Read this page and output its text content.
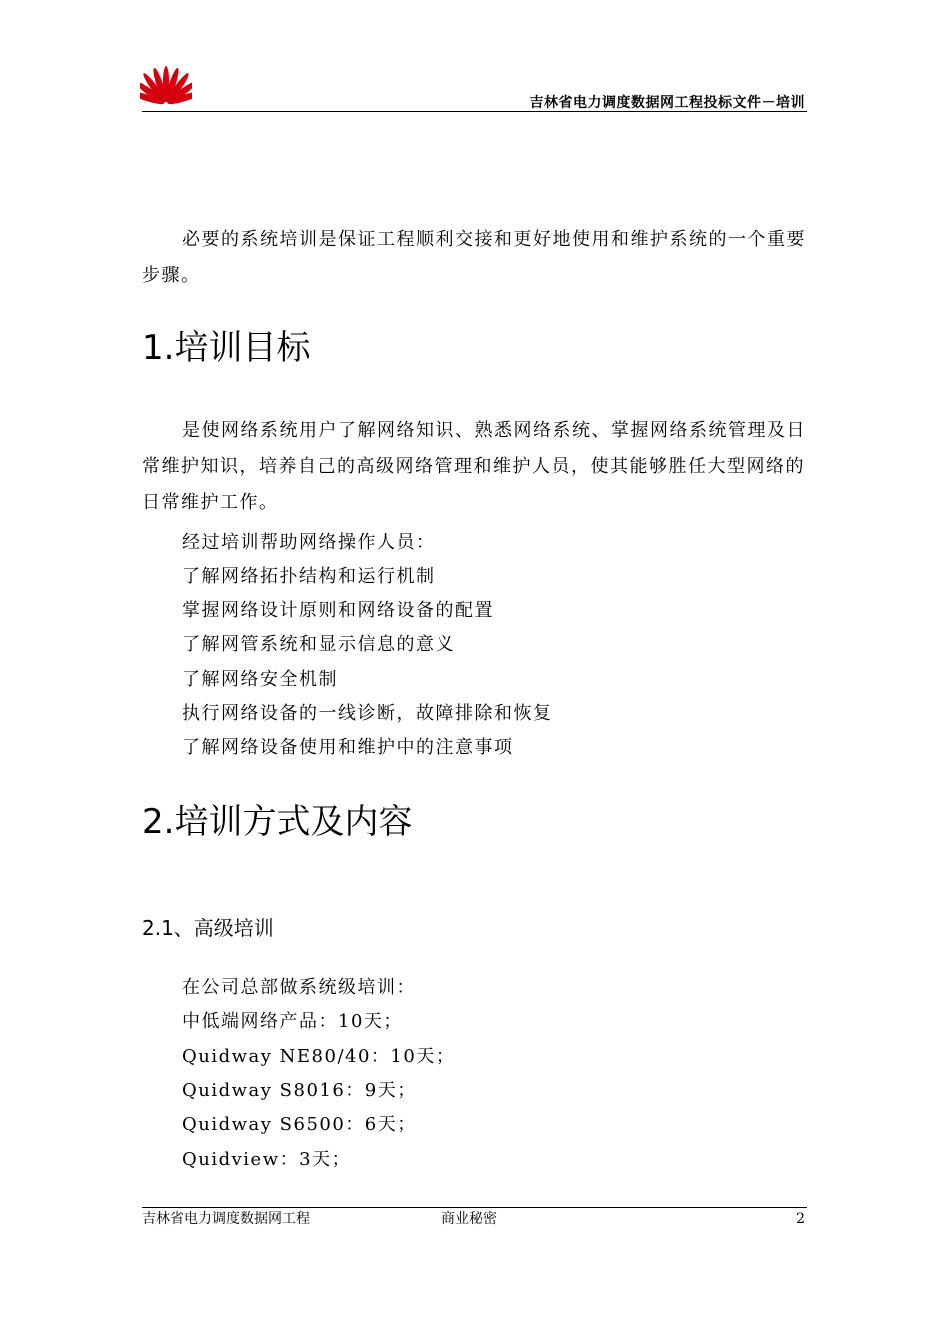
吉林省电力调度数据网工程投标文件－培训

必要的系统培训是保证工程顺利交接和更好地使用和维护系统的一个重要步骤。

1.培训目标

是使网络系统用户了解网络知识、熟悉网络系统、掌握网络系统管理及日常维护知识，培养自己的高级网络管理和维护人员，使其能够胜任大型网络的日常维护工作。

经过培训帮助网络操作人员：

了解网络拓扑结构和运行机制

掌握网络设计原则和网络设备的配置

了解网管系统和显示信息的意义

了解网络安全机制

执行网络设备的一线诊断，故障排除和恢复

了解网络设备使用和维护中的注意事项

2.培训方式及内容
2.1、高级培训

在公司总部做系统级培训：

中低端网络产品：10天；

Quidway NE80/40：10天；

Quidway S8016：9天；

Quidway S6500：6天；

Quidview：3天；

吉林省电力调度数据网工程	商业秘密	2
